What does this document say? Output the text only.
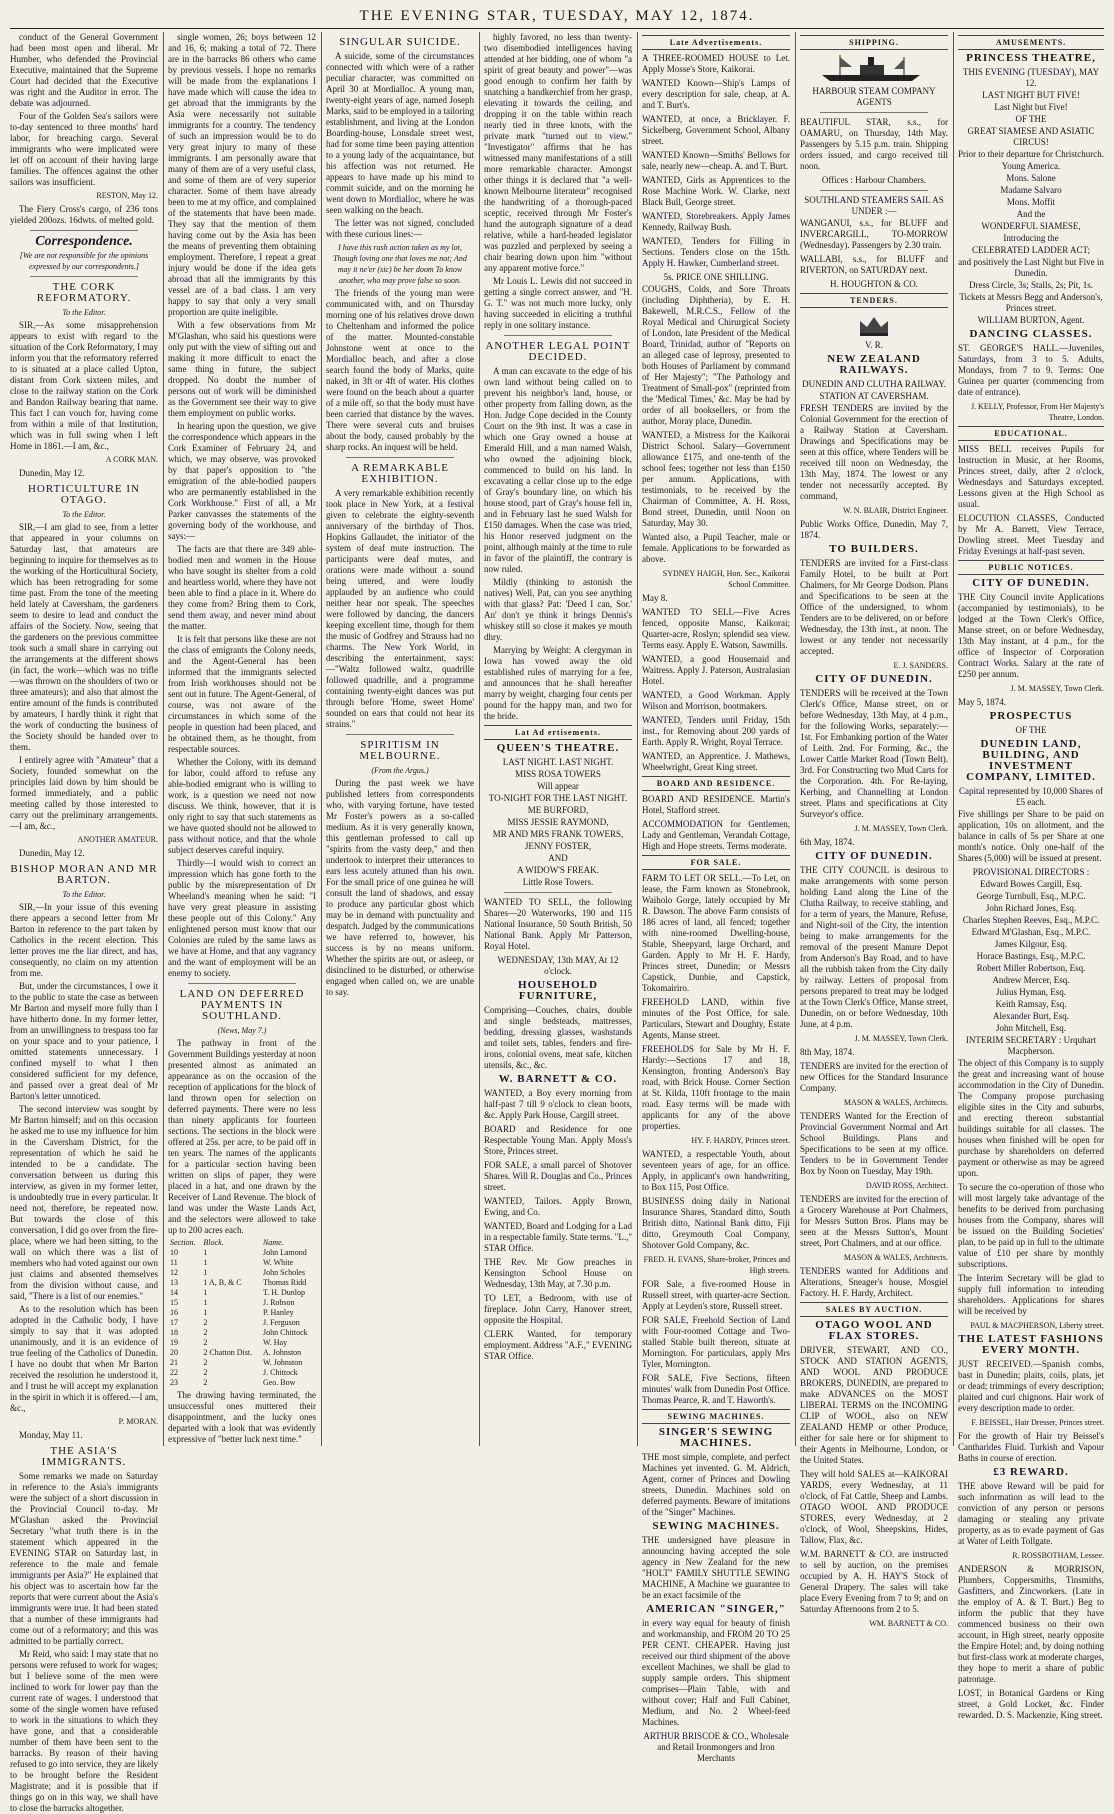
THE EVENING STAR, TUESDAY, MAY 12, 1874.

conduct of the General Government had been most open and liberal. Mr Humber, who defended the Provincial Executive, maintained that the Supreme Court had decided that the Executive was right and the Auditor in error. The debate was adjourned.

Four of the Golden Sea's sailors were to-day sentenced to three months' hard labor, for breaching cargo. Several immigrants who were implicated were let off on account of their having large families. The offences against the other sailors was insufficient.

RESTON, May 12.

The Fiery Cross's cargo, of 236 tons yielded 200ozs. 16dwts. of melted gold.

Correspondence.

[We are not responsible for the opinions expressed by our correspondents.]

THE CORK REFORMATORY.

To the Editor.

SIR,—As some misapprehension appears to exist with regard to the situation of the Cork Reformatory, I may inform you that the reformatory referred to is situated at a place called Upton, distant from Cork sixteen miles, and close to the railway station on the Cork and Bandon Railway bearing that name. This fact I can vouch for, having come from within a mile of that Institution, which was in full swing when I left Home in 1861.—I am, &c.,

A CORK MAN.

Dunedin, May 12.

HORTICULTURE IN OTAGO.

To the Editor.

SIR,—I am glad to see, from a letter that appeared in your columns on Saturday last, that amateurs are beginning to inquire for themselves as to the working of the Horticultural Society, which has been retrograding for some time past. From the tone of the meeting held lately at Caversham, the gardeners seem to desire to lead and conduct the affairs of the Society. Now, seeing that the gardeners on the previous committee took such a small share in carrying out the arrangements at the different shows (in fact, the work—which was no trifle—was thrown on the shoulders of two or three amateurs); and also that almost the entire amount of the funds is contributed by amateurs, I hardly think it right that the work of conducting the business of the Society should be handed over to them.

I entirely agree with "Amateur" that a Society, founded somewhat on the principles laid down by him should be formed immediately, and a public meeting called by those interested to carry out the preliminary arrangements.—I am, &c.,

ANOTHER AMATEUR.

Dunedin, May 12.

BISHOP MORAN AND MR BARTON.

To the Editor.

SIR,—In your issue of this evening there appears a second letter from Mr Barton in reference to the part taken by Catholics in the recent election. This letter proves me the liar direct, and has, consequently, no claim on my attention from me.

But, under the circumstances, I owe it to the public to state the case as between Mr Barton and myself more fully than I have hitherto done. In my former letter, from an unwillingness to trespass too far on your space and to your patience, I omitted statements unnecessary. I confined myself to what I then considered sufficient for my defence, and passed over a great deal of Mr Barton's letter unnoticed.

The second interview was sought by Mr Barton himself; and on this occasion he asked me to use my influence for him in the Caversham District, for the representation of which he said he intended to be a candidate. The conversation between us during this interview, as given in my former letter, is undoubtedly true in every particular. It need not, therefore, be repeated now. But towards the close of this conversation, I did go over from the fire-place, where we had been sitting, to the wall on which there was a list of members who had voted against our own just claims and absented themselves from the division without cause, and said, "There is a list of our enemies."

As to the resolution which has been adopted in the Catholic body, I have simply to say that it was adopted unanimously, and it is an evidence of true feeling of the Catholics of Dunedin. I have no doubt that when Mr Barton received the resolution he understood it, and I trust he will accept my explanation in the spirit in which it is offered.—I am, &c.,

P. MORAN.

Monday, May 11.

THE ASIA'S IMMIGRANTS.

Some remarks we made on Saturday in reference to the Asia's immigrants were the subject of a short discussion in the Provincial Council to-day. Mr M'Glashan asked the Provincial Secretary "what truth there is in the statement which appeared in the EVENING STAR on Saturday last, in reference to the male and female immigrants per Asia?" He explained that his object was to ascertain how far the reports that were current about the Asia's immigrants were true. It had been stated that a number of these immigrants had come out of a reformatory; and this was admitted to be partially correct.

Mr Reid, who said: I may state that no persons were refused to work for wages; but I believe some of the men were inclined to work for lower pay than the current rate of wages. I understood that some of the single women have refused to work in the situations to which they have gone, and that a considerable number of them have been sent to the barracks. By reason of their having refused to go into service, they are likely to be brought before the Resident Magistrate; and it is possible that if things go on in this way, we shall have to close the barracks altogether.

single women, 26; boys between 12 and 16, 6; making a total of 72. There are in the barracks 86 others who came by previous vessels. I hope no remarks will be made from the explanations I have made which will cause the idea to get abroad that the immigrants by the Asia were necessarily not suitable immigrants for a country. The tendency of such an impression would be to do very great injury to many of these immigrants. I am personally aware that many of them are of a very useful class, and some of them are of very superior character. Some of them have already been to me at my office, and complained of the statements that have been made. They say that the mention of them having come out by the Asia has been the means of preventing them obtaining employment. Therefore, I repeat a great injury would be done if the idea gets abroad that all the immigrants by this vessel are of a bad class. I am very happy to say that only a very small proportion are quite ineligible.

With a few observations from Mr M'Glashan, who said his questions were only put with the view of sifting out and making it more difficult to enact the same thing in future, the subject dropped. No doubt the number of persons out of work will be diminished as the Government see their way to give them employment on public works.

In hearing upon the question, we give the correspondence which appears in the Cork Examiner of February 24, and which, we may observe, was provoked by that paper's opposition to "the emigration of the able-bodied paupers who are permanently established in the Cork Workhouse." First of all, a Mr Parker canvasses the statements of the governing body of the workhouse, and says:—

The facts are that there are 349 able-bodied men and women in the House who have sought its shelter from a cold and heartless world, where they have not been able to find a place in it. Where do they come from? Bring them to Cork, send them away, and never mind about the matter.

It is felt that persons like these are not the class of emigrants the Colony needs, and the Agent-General has been informed that the immigrants selected from Irish workhouses should not be sent out in future. The Agent-General, of course, was not aware of the circumstances in which some of the people in question had been placed, and he obtained them, as he thought, from respectable sources.

Whether the Colony, with its demand for labor, could afford to refuse any able-bodied emigrant who is willing to work, is a question we need not now discuss. We think, however, that it is only right to say that such statements as we have quoted should not be allowed to pass without notice, and that the whole subject deserves careful inquiry.

Thirdly—I would wish to correct an impression which has gone forth to the public by the misrepresentation of Dr Wheeland's meaning when he said: "I have very great pleasure in assisting these people out of this Colony." Any enlightened person must know that our Colonies are ruled by the same laws as we have at Home, and that any vagrancy and the want of employment will be an enemy to society.

LAND ON DEFERRED PAYMENTS IN SOUTHLAND.

(News, May 7.)

The pathway in front of the Government Buildings yesterday at noon presented almost as animated an appearance as on the occasion of the reception of applications for the block of land thrown open for selection on deferred payments. There were no less than ninety applicants for fourteen sections. The sections in the block were offered at 25s. per acre, to be paid off in ten years. The names of the applicants for a particular section having been written on slips of paper, they were placed in a hat, and one drawn by the Receiver of Land Revenue. The block of land was under the Waste Lands Act, and the selectors were allowed to take up to 200 acres each.

Section.	Block.	Name.
10	1	John Lamond
11	1	W. White
12	1	John Scholes
13	1 A, B, & C	Thomas Ridd
14	1	T. H. Dunlop
15	1	J. Robson
16	1	P. Hanley
17	2	J. Ferguson
18	2	John Chittock
19	2	W. Hay
20	2 Chatton Dist.	A. Johnston
21	2	W. Johnston
22	2	J. Chittock
23	2	Geo. Bow

The drawing having terminated, the unsuccessful ones muttered their disappointment, and the lucky ones departed with a look that was evidently expressive of "better luck next time."

SINGULAR SUICIDE.

A suicide, some of the circumstances connected with which were of a rather peculiar character, was committed on April 30 at Mordialloc. A young man, twenty-eight years of age, named Joseph Marks, said to be employed in a tailoring establishment, and living at the London Boarding-house, Lonsdale street west, had for some time been paying attention to a young lady of the acquaintance, but his affection was not returned. He appears to have made up his mind to commit suicide, and on the morning he went down to Mordialloc, where he was seen walking on the beach.

The letter was not signed, concluded with these curious lines:—

I have this rash action taken as my lot, Though loving one that loves me not; And may it ne'er (sic) be her doom To know another, who may prove false so soon.

The friends of the young man were communicated with, and on Thursday morning one of his relatives drove down to Cheltenham and informed the police of the matter. Mounted-constable Johnstone went at once to the Mordialloc beach, and after a close search found the body of Marks, quite naked, in 3ft or 4ft of water. His clothes were found on the beach about a quarter of a mile off, so that the body must have been carried that distance by the waves. There were several cuts and bruises about the body, caused probably by the sharp rocks. An inquest will be held.

A REMARKABLE EXHIBITION.

A very remarkable exhibition recently took place in New York, at a festival given to celebrate the eighty-seventh anniversary of the birthday of Thos. Hopkins Gallaudet, the initiator of the system of deaf mute instruction. The participants were deaf mutes, and orations were made without a sound being uttered, and were loudly applauded by an audience who could neither hear nor speak. The speeches were followed by dancing, the dancers keeping excellent time, though for them the music of Godfrey and Strauss had no charms. The New York World, in describing the entertainment, says:—"Waltz followed waltz, quadrille followed quadrille, and a programme containing twenty-eight dances was put through before 'Home, sweet Home' sounded on ears that could not hear its strains."

SPIRITISM IN MELBOURNE.

(From the Argus.)

During the past week we have published letters from correspondents who, with varying fortune, have tested Mr Foster's powers as a so-called medium. As it is very generally known, this gentleman professed to call up "spirits from the vasty deep," and then undertook to interpret their utterances to ears less acutely attuned than his own. For the small price of one guinea he will consult the land of shadows, and essay to produce any particular ghost which may be in demand with punctuality and despatch. Judged by the communications we have referred to, however, his success is by no means uniform. Whether the spirits are out, or asleep, or disinclined to be disturbed, or otherwise engaged when called on, we are unable to say.

highly favored, no less than twenty-two disembodied intelligences having attended at her bidding, one of whom "a spirit of great beauty and power"—was good enough to confirm her faith by snatching a handkerchief from her grasp, elevating it towards the ceiling, and dropping it on the table within reach nearly tied in three knots, with the private mark "turned out to view." "Investigator" affirms that he has witnessed many manifestations of a still more remarkable character. Amongst other things it is declared that "a well-known Melbourne literateur" recognised the handwriting of a thorough-paced sceptic, received through Mr Foster's hand the autograph signature of a dead relative, while a hard-headed legislator was puzzled and perplexed by seeing a chair bearing down upon him "without any apparent motive force."

Mr Louis L. Lewis did not succeed in getting a single correct answer, and "H. G. T." was not much more lucky, only having succeeded in eliciting a truthful reply in one solitary instance.

ANOTHER LEGAL POINT DECIDED.

A man can excavate to the edge of his own land without being called on to prevent his neighbor's land, house, or other property from falling down, as the Hon. Judge Cope decided in the County Court on the 9th inst. It was a case in which one Gray owned a house at Emerald Hill, and a man named Walsh, who owned the adjoining block, commenced to build on his land. In excavating a cellar close up to the edge of Gray's boundary line, on which his house stood, part of Gray's house fell in, and in February last he sued Walsh for £150 damages. When the case was tried, his Honor reserved judgment on the point, although mainly at the time to rule in favor of the plaintiff, the contrary is now ruled.

Mildly (thinking to astonish the natives) Well, Pat, can you see anything with that glass? Pat: 'Deed I can, Sor.' An' don't ye think it brings Dennis's whiskey still so close it makes ye mouth dhry.

Marrying by Weight: A clergyman in Iowa has vowed away the old established rules of marrying for a fee, and announces that he shall hereafter marry by weight, charging four cents per pound for the happy man, and two for the bride.

Lat Ad ertisements.
QUEEN'S THEATRE.
LAST NIGHT. LAST NIGHT.
MISS ROSA TOWERS
Will appear
TO-NIGHT FOR THE LAST NIGHT.
ME BURFORD,
MISS JESSIE RAYMOND,
MR AND MRS FRANK TOWERS,
JENNY FOSTER,
AND
A WIDOW'S FREAK.
Little Rose Towers.

WANTED TO SELL, the following Shares—20 Waterworks, 190 and 115 National Insurance, 50 South British, 50 National Bank. Apply Mr Patterson, Royal Hotel.

WEDNESDAY, 13th MAY, At 12 o'clock.
HOUSEHOLD FURNITURE,

Comprising—Couches, chairs, double and single bedsteads, mattresses, bedding, dressing glasses, washstands and toilet sets, tables, fenders and fire-irons, colonial ovens, meat safe, kitchen utensils, &c., &c.

W. BARNETT & CO.

WANTED, a Boy every morning from half-past 7 till 9 o'clock to clean boots, &c. Apply Park House, Cargill street.

BOARD and Residence for one Respectable Young Man. Apply Moss's Store, Princes street.

FOR SALE, a small parcel of Shotover Shares. Will R. Douglas and Co., Princes street.

WANTED, Tailors. Apply Brown, Ewing, and Co.

WANTED, Board and Lodging for a Lad in a respectable family. State terms. "L.," STAR Office.

THE Rev. Mr Gow preaches in Kensington School House on Wednesday, 13th May, at 7.30 p.m.

TO LET, a Bedroom, with use of fireplace. John Carry, Hanover street, opposite the Hospital.

CLERK Wanted, for temporary employment. Address "A.F.," EVENING STAR Office.

Late Advertisements.

A THREE-ROOMED HOUSE to Let. Apply Mosse's Store, Kaikorai.

WANTED Known—Ship's Lamps of every description for sale, cheap, at A. and T. Burt's.

WANTED, at once, a Bricklayer. F. Sickelberg, Government School, Albany street.

WANTED Known—Smiths' Bellows for sale, nearly new—cheap. A. and T. Burt.

WANTED, Girls as Apprentices to the Rose Machine Work. W. Clarke, next Black Bull, George street.

WANTED, Storebreakers. Apply James Kennedy, Railway Bush.

WANTED, Tenders for Filling in Sections. Tenders close on the 15th. Apply H. Hawker, Cumberland street.

5s. PRICE ONE SHILLING.

COUGHS, Colds, and Sore Throats (including Diphtheria), by E. H. Bakewell, M.R.C.S., Fellow of the Royal Medical and Chirurgical Society of London, late President of the Medical Board, Trinidad, author of "Reports on an alleged case of leprosy, presented to both Houses of Parliament by command of Her Majesty"; "The Pathology and Treatment of Small-pox" (reprinted from the 'Medical Times,' &c. May be had by order of all booksellers, or from the author, Moray place, Dunedin.

WANTED, a Mistress for the Kaikorai District School. Salary—Government allowance £175, and one-tenth of the school fees; together not less than £150 per annum. Applications, with testimonials, to be received by the Chairman of Committee, A. H. Ross, Bond street, Dunedin, until Noon on Saturday, May 30.

Wanted also, a Pupil Teacher, male or female. Applications to be forwarded as above.

SYDNEY HAIGH, Hon. Sec., Kaikorai School Committee.

May 8.

WANTED TO SELL—Five Acres fenced, opposite Mansc, Kaikorai; Quarter-acre, Roslyn; splendid sea view. Terms easy. Apply E. Watson, Sawmills.

WANTED, a good Housemaid and Waitress. Apply J. Paterson, Australasian Hotel.

WANTED, a Good Workman. Apply Wilson and Morrison, bootmakers.

WANTED, Tenders until Friday, 15th inst., for Removing about 200 yards of Earth. Apply R. Wright, Royal Terrace.

WANTED, an Apprentice. J. Mathews, Wheelwright, Great King street.

BOARD AND RESIDENCE.

BOARD AND RESIDENCE. Martin's Hotel, Stafford street.

ACCOMMODATION for Gentlemen, Lady and Gentleman, Verandah Cottage, High and Hope streets. Terms moderate.

FOR SALE.

FARM TO LET OR SELL.—To Let, on lease, the Farm known as Stonebrook, Waiholo Gorge, lately occupied by Mr R. Dawson. The above Farm consists of 186 acres of land, all fenced; together with nine-roomed Dwelling-house, Stable, Sheepyard, large Orchard, and Garden. Apply to Mr H. F. Hardy, Princes street, Dunedin; or Messrs Capstick, Dunbie, and Capstick, Tokomairiro.

FREEHOLD LAND, within five minutes of the Post Office, for sale. Particulars, Stewart and Doughty, Estate Agents, Manse street.

FREEHOLDS for Sale by Mr H. F. Hardy:—Sections 17 and 18, Kensington, fronting Anderson's Bay road, with Brick House. Corner Section at St. Kilda, 110ft frontage to the main road. Easy terms will be made with applicants for any of the above properties.

HY. F. HARDY, Princes street.

WANTED, a respectable Youth, about seventeen years of age, for an office. Apply, in applicant's own handwriting, to Box 115, Post Office.

BUSINESS doing daily in National Insurance Shares, Standard ditto, South British ditto, National Bank ditto, Fiji ditto, Greymouth Coal Company, Shotover Gold Company, &c.

FRED. H. EVANS, Share-broker, Princes and High streets.

FOR Sale, a five-roomed House in Russell street, with quarter-acre Section. Apply at Leyden's store, Russell street.

FOR SALE, Freehold Section of Land with Four-roomed Cottage and Two-stalled Stable built thereon, situate at Mornington. For particulars, apply Mrs Tyler, Mornington.

FOR SALE, Five Sections, fifteen minutes' walk from Dunedin Post Office. Thomas Pearce, R. and T. Haworth's.

SEWING MACHINES.
SINGER'S SEWING MACHINES.

THE most simple, complete, and perfect Machines yet invented. G. M. Aldrich, Agent, corner of Princes and Dowling streets, Dunedin. Machines sold on deferred payments. Beware of imitations of the "Singer" Machines.

SEWING MACHINES.

THE undersigned have pleasure in announcing having accepted the sole agency in New Zealand for the new "HOLT" FAMILY SHUTTLE SEWING MACHINE, A Machine we guarantee to be an exact facsimile of the

AMERICAN "SINGER,"

in every way equal for beauty of finish and workmanship, and FROM 20 TO 25 PER CENT. CHEAPER. Having just received our third shipment of the above excellent Machines, we shall be glad to supply sample orders. This shipment comprises—Plain Table, with and without cover; Half and Full Cabinet, Medium, and No. 2 Wheel-feed Machines.

ARTHUR BRISCOE & CO., Wholesale and Retail Ironmongers and Iron Merchants
SHIPPING.
HARBOUR STEAM COMPANY AGENTS

BEAUTIFUL STAR, s.s., for OAMARU, on Thursday, 14th May. Passengers by 5.15 p.m. train. Shipping orders issued, and cargo received till noon.

Offices : Harbour Chambers.
SOUTHLAND STEAMERS SAIL AS UNDER :—

WANGANUI, s.s., for BLUFF and INVERCARGILL, TO-MORROW (Wednesday). Passengers by 2.30 train.

WALLABI, s.s., for BLUFF and RIVERTON, on SATURDAY next.

H. HOUGHTON & CO.
TENDERS.
V. R.
NEW ZEALAND RAILWAYS.
DUNEDIN AND CLUTHA RAILWAY.
STATION AT CAVERSHAM.

FRESH TENDERS are invited by the Colonial Government for the erection of a Railway Station at Caversham. Drawings and Specifications may be seen at this office, where Tenders will be received till noon on Wednesday, the 13th May, 1874. The lowest or any tender not necessarily accepted. By command,

W. N. BLAIR, District Engineer.

Public Works Office, Dunedin, May 7, 1874.

TO BUILDERS.

TENDERS are invited for a First-class Family Hotel, to be built at Port Chalmers, for Mr George Dodson. Plans and Specifications to be seen at the Office of the undersigned, to whom Tenders are to be delivered, on or before Wednesday, the 13th inst., at noon. The lowest or any tender not necessarily accepted.

E. J. SANDERS.

CITY OF DUNEDIN.

TENDERS will be received at the Town Clerk's Office, Manse street, on or before Wednesday, 13th May, at 4 p.m., for the following Works, separately:—1st. For Embanking portion of the Water of Leith. 2nd. For Forming, &c., the Lower Cattle Market Road (Town Belt). 3rd. For Constructing two Mud Carts for the Corporation. 4th. For Re-laying, Kerbing, and Channelling at London street. Plans and specifications at City Surveyor's office.

J. M. MASSEY, Town Clerk.

6th May, 1874.

CITY OF DUNEDIN.

THE CITY COUNCIL is desirous to make arrangements with some person holding Land along the Line of the Clutha Railway, to receive stabling, and for a term of years, the Manure, Refuse, and Night-soil of the City, the intention being to make arrangements for the removal of the present Manure Depot from Anderson's Bay Road, and to have all the rubbish taken from the City daily by railway. Letters of proposal from persons prepared to treat may be lodged at the Town Clerk's Office, Manse street, Dunedin, on or before Wednesday, 10th June, at 4 p.m.

J. M. MASSEY, Town Clerk.

8th May, 1874.

TENDERS are invited for the erection of new Offices for the Standard Insurance Company.

MASON & WALES, Architects.

TENDERS Wanted for the Erection of Provincial Government Normal and Art School Buildings. Plans and Specifications to be seen at my office. Tenders to be in Government Tender Box by Noon on Tuesday, May 19th.

DAVID ROSS, Architect.

TENDERS are invited for the erection of a Grocery Warehouse at Port Chalmers, for Messrs Sutton Bros. Plans may be seen at the Messrs Sutton's, Mount street, Port Chalmers, and at our office.

MASON & WALES, Architects.

TENDERS wanted for Additions and Alterations, Sneager's house, Mosgiel Factory. H. F. Hardy, Architect.

SALES BY AUCTION.
OTAGO WOOL AND FLAX STORES.

DRIVER, STEWART, AND CO., STOCK AND STATION AGENTS, AND WOOL AND PRODUCE BROKERS, DUNEDIN, are prepared to make ADVANCES on the MOST LIBERAL TERMS on the INCOMING CLIP of WOOL, also on NEW ZEALAND HEMP or other Produce, either for sale here or for shipment to their Agents in Melbourne, London, or the United States.

They will hold SALES at—KAIKORAI YARDS, every Wednesday, at 11 o'clock, of Fat Cattle, Sheep and Lambs. OTAGO WOOL AND PRODUCE STORES, every Wednesday, at 2 o'clock, of Wool, Sheepskins, Hides, Tallow, Flax, &c.

W.M. BARNETT & CO. are instructed to sell by auction, on the premises occupied by A. H. HAY'S Stock of General Drapery. The sales will take place Every Evening from 7 to 9; and on Saturday Afternoons from 2 to 5.

WM. BARNETT & CO.

AMUSEMENTS.
PRINCESS THEATRE,
THIS EVENING (TUESDAY), MAY 12.
LAST NIGHT BUT FIVE!
Last Night but Five!
OF THE
GREAT SIAMESE AND ASIATIC CIRCUS!
Prior to their departure for Christchurch.
Young America.
Mons. Salone
Madame Salvaro
Mons. Moffit
And the
WONDERFUL SIAMESE,
Introducing the
CELEBRATED LADDER ACT;
and positively the Last Night but Five in Dunedin.
Dress Circle, 3s; Stalls, 2s; Pit, 1s.
Tickets at Messrs Begg and Anderson's, Princes street.
WILLIAM BURTON, Agent.
DANCING CLASSES.

ST. GEORGE'S HALL.—Juveniles, Saturdays, from 3 to 5. Adults, Mondays, from 7 to 9. Terms: One Guinea per quarter (commencing from date of entrance).

J. KELLY, Professor, From Her Majesty's Theatre, London.

EDUCATIONAL.

MISS BELL receives Pupils for Instruction in Music, at her Rooms, Princes street, daily, after 2 o'clock, Wednesdays and Saturdays excepted. Lessons given at the High School as usual.

ELOCUTION CLASSES, Conducted by Mr A. Barrett, View Terrace, Dowling street. Meet Tuesday and Friday Evenings at half-past seven.

PUBLIC NOTICES.
CITY OF DUNEDIN.

THE City Council invite Applications (accompanied by testimonials), to be lodged at the Town Clerk's Office, Manse street, on or before Wednesday, 13th May instant, at 4 p.m., for the office of Inspector of Corporation Contract Works. Salary at the rate of £250 per annum.

J. M. MASSEY, Town Clerk.

May 5, 1874.

PROSPECTUS
OF THE
DUNEDIN LAND, BUILDING, AND INVESTMENT COMPANY, LIMITED.
Capital represented by 10,000 Shares of £5 each.

Five shillings per Share to be paid on application, 10s on allotment, and the balance in calls of 5s per Share at one month's notice. Only one-half of the Shares (5,000) will be issued at present.

PROVISIONAL DIRECTORS :
Edward Bowes Cargill, Esq.
George Turnbull, Esq., M.P.C.
John Richard Jones, Esq.
Charles Stephen Reeves, Esq., M.P.C.
Edward M'Glashan, Esq., M.P.C.
James Kilgour, Esq.
Horace Bastings, Esq., M.P.C.
Robert Miller Robertson, Esq.
Andrew Mercer, Esq.
Julius Hyman, Esq.
Keith Ramsay, Esq.
Alexander Burt, Esq.
John Mitchell, Esq.
INTERIM SECRETARY : Urquhart Macpherson.

The object of this Company is to supply the great and increasing want of house accommodation in the City of Dunedin. The Company propose purchasing eligible sites in the City and suburbs, and erecting thereon substantial buildings suitable for all classes. The houses when finished will be open for purchase by shareholders on deferred payment or otherwise as may be agreed upon.

To secure the co-operation of those who will most largely take advantage of the benefits to be derived from purchasing houses from the Company, shares will be issued on the Building Societies' plan, to be paid up in full to the ultimate value of £10 per share by monthly subscriptions.

The Interim Secretary will be glad to supply full information to intending shareholders. Applications for shares will be received by

PAUL & MACPHERSON, Liberty street.

THE LATEST FASHIONS EVERY MONTH.

JUST RECEIVED.—Spanish combs, bast in Dunedin; plaits, coils, plats, jet or dead; trimmings of every description; plaited and curl chignons. Hair work of every description made to order.

F. BEISSEL, Hair Dresser, Princes street.

For the growth of Hair try Beissel's Cantharides Fluid. Turkish and Vapour Baths in course of erection.

£3 REWARD.

THE above Reward will be paid for such information as will lead to the conviction of any person or persons damaging or stealing any private property, as as to evade payment of Gas at Water of Leith Tollgate.

R. ROSSBOTHAM, Lessee.

ANDERSON & MORRISON, Plumbers, Coppersmiths, Tinsmiths, Gasfitters, and Zincworkers. (Late in the employ of A. & T. Burt.) Beg to inform the public that they have commenced business on their own account, in High street, nearly opposite the Empire Hotel; and, by doing nothing but first-class work at moderate charges, they hope to merit a share of public patronage.

LOST, in Botanical Gardens or King street, a Gold Locket, &c. Finder rewarded. D. S. Mackenzie, King street.
